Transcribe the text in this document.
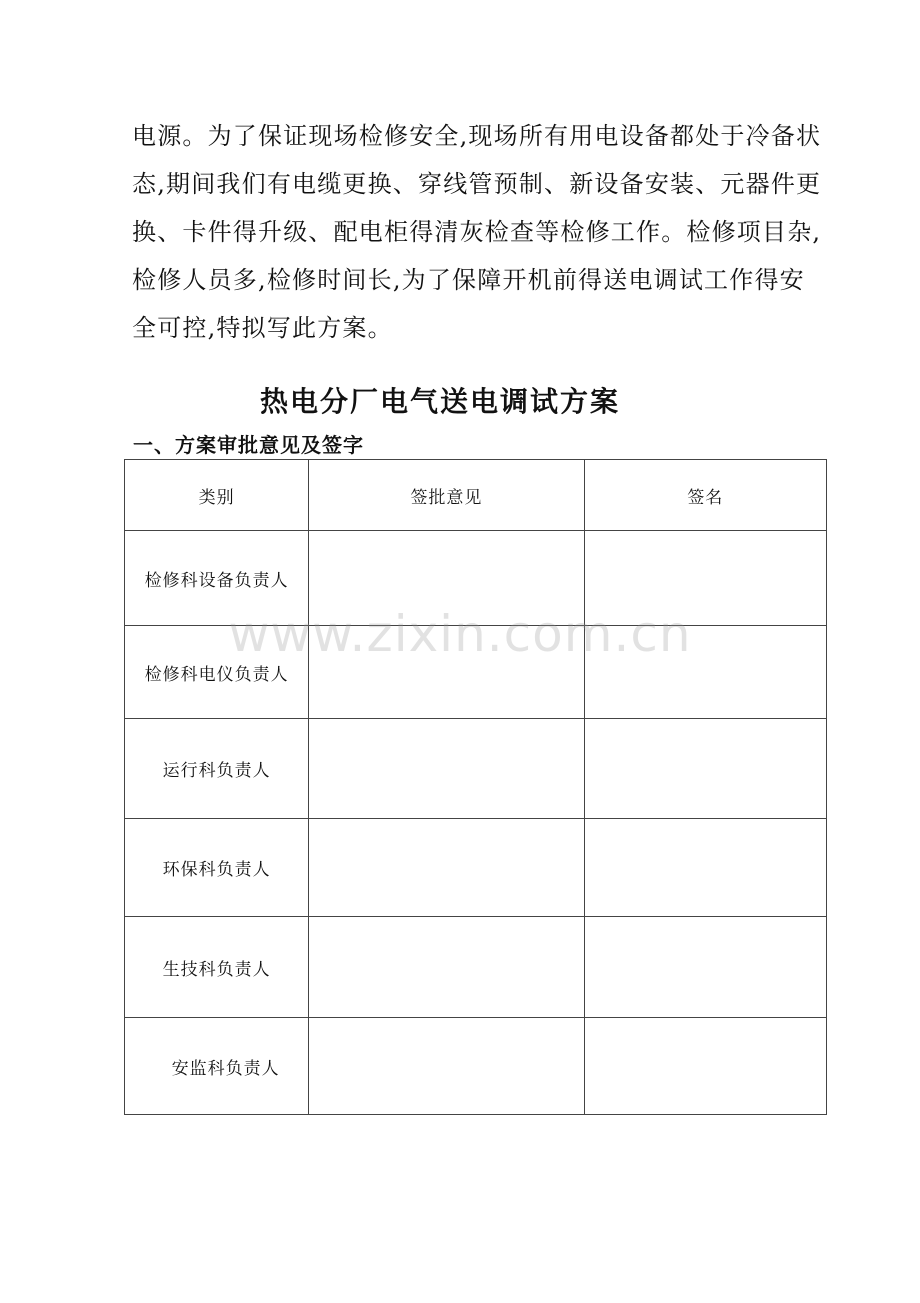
电源。为了保证现场检修安全,现场所有用电设备都处于冷备状
态,期间我们有电缆更换、穿线管预制、新设备安装、元器件更
换、卡件得升级、配电柜得清灰检查等检修工作。检修项目杂,
检修人员多,检修时间长,为了保障开机前得送电调试工作得安
全可控,特拟写此方案。
热电分厂电气送电调试方案
一、方案审批意见及签字
类别	签批意见	签名
检修科设备负责人		
检修科电仪负责人		
运行科负责人		
环保科负责人		
生技科负责人		
安监科负责人		
www.zixin.com.cn
